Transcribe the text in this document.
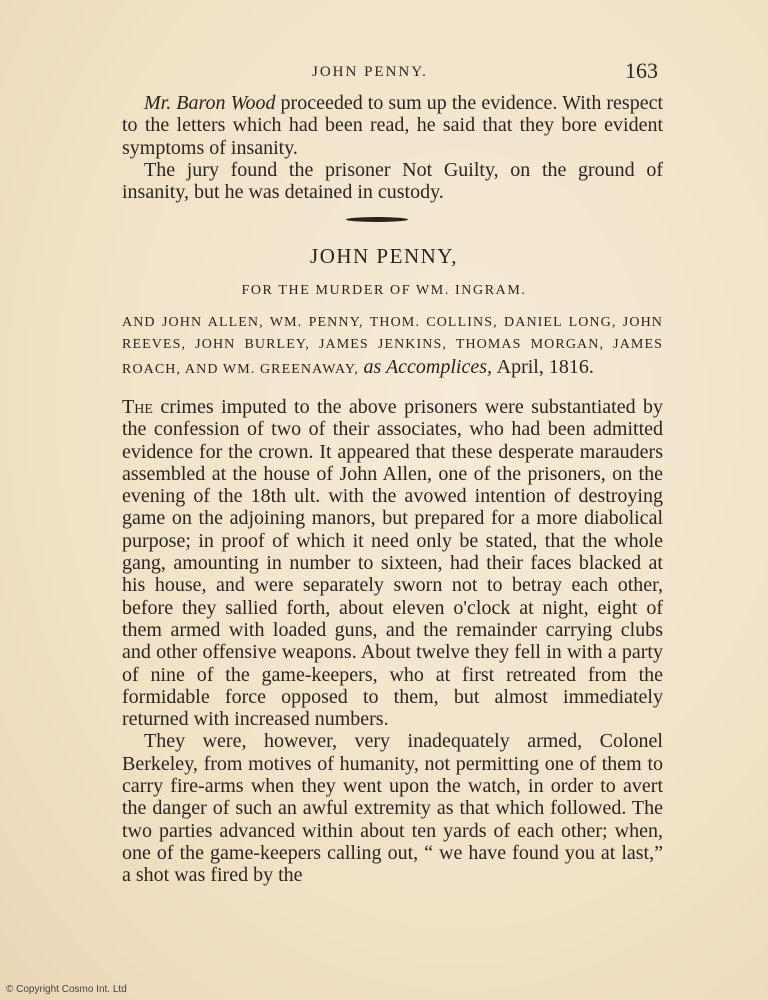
JOHN PENNY.	163

Mr. Baron Wood proceeded to sum up the evidence. With respect to the letters which had been read, he said that they bore evident symptoms of insanity.

The jury found the prisoner Not Guilty, on the ground of insanity, but he was detained in custody.

JOHN PENNY,
FOR THE MURDER OF WM. INGRAM.
AND JOHN ALLEN, WM. PENNY, THOM. COLLINS, DANIEL LONG, JOHN REEVES, JOHN BURLEY, JAMES JENKINS, THOMAS MORGAN, JAMES ROACH, AND WM. GREENAWAY, as Accomplices, April, 1816.

The crimes imputed to the above prisoners were substantiated by the confession of two of their associates, who had been admitted evidence for the crown. It appeared that these desperate marauders assembled at the house of John Allen, one of the prisoners, on the evening of the 18th ult. with the avowed intention of destroying game on the adjoining manors, but prepared for a more diabolical purpose; in proof of which it need only be stated, that the whole gang, amounting in number to sixteen, had their faces blacked at his house, and were separately sworn not to betray each other, before they sallied forth, about eleven o'clock at night, eight of them armed with loaded guns, and the remainder carrying clubs and other offensive weapons. About twelve they fell in with a party of nine of the game-keepers, who at first retreated from the formidable force opposed to them, but almost immediately returned with increased numbers.

They were, however, very inadequately armed, Colonel Berkeley, from motives of humanity, not permitting one of them to carry fire-arms when they went upon the watch, in order to avert the danger of such an awful extremity as that which followed. The two parties advanced within about ten yards of each other; when, one of the game-keepers calling out, “ we have found you at last,” a shot was fired by the

© Copyright Cosmo Int. Ltd
